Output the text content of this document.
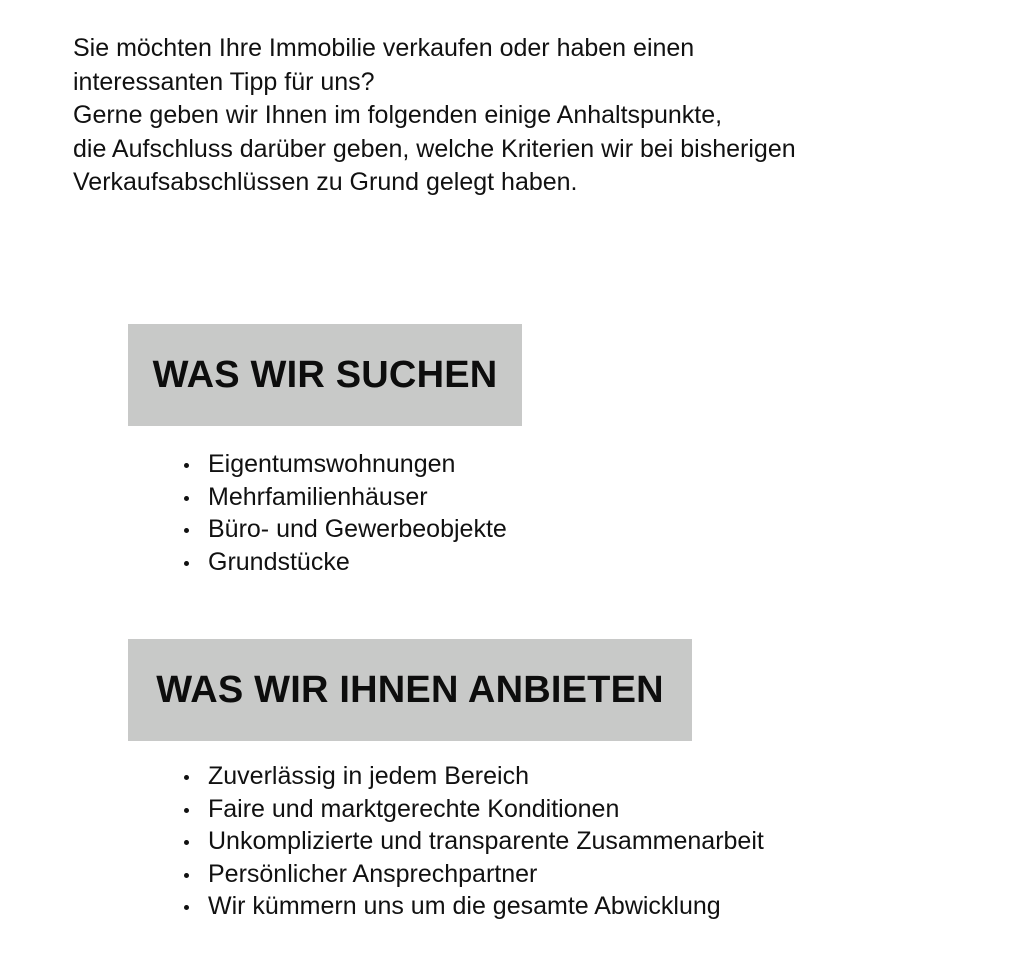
Sie möchten Ihre Immobilie verkaufen oder haben einen

interessanten Tipp für uns?

Gerne geben wir Ihnen im folgenden einige Anhaltspunkte,

die Aufschluss darüber geben, welche Kriterien wir bei bisherigen

Verkaufsabschlüssen zu Grund gelegt haben.

WAS WIR SUCHEN
Eigentumswohnungen
Mehrfamilienhäuser
Büro- und Gewerbeobjekte
Grundstücke
WAS WIR IHNEN ANBIETEN
Zuverlässig in jedem Bereich
Faire und marktgerechte Konditionen
Unkomplizierte und transparente Zusammenarbeit
Persönlicher Ansprechpartner
Wir kümmern uns um die gesamte Abwicklung
